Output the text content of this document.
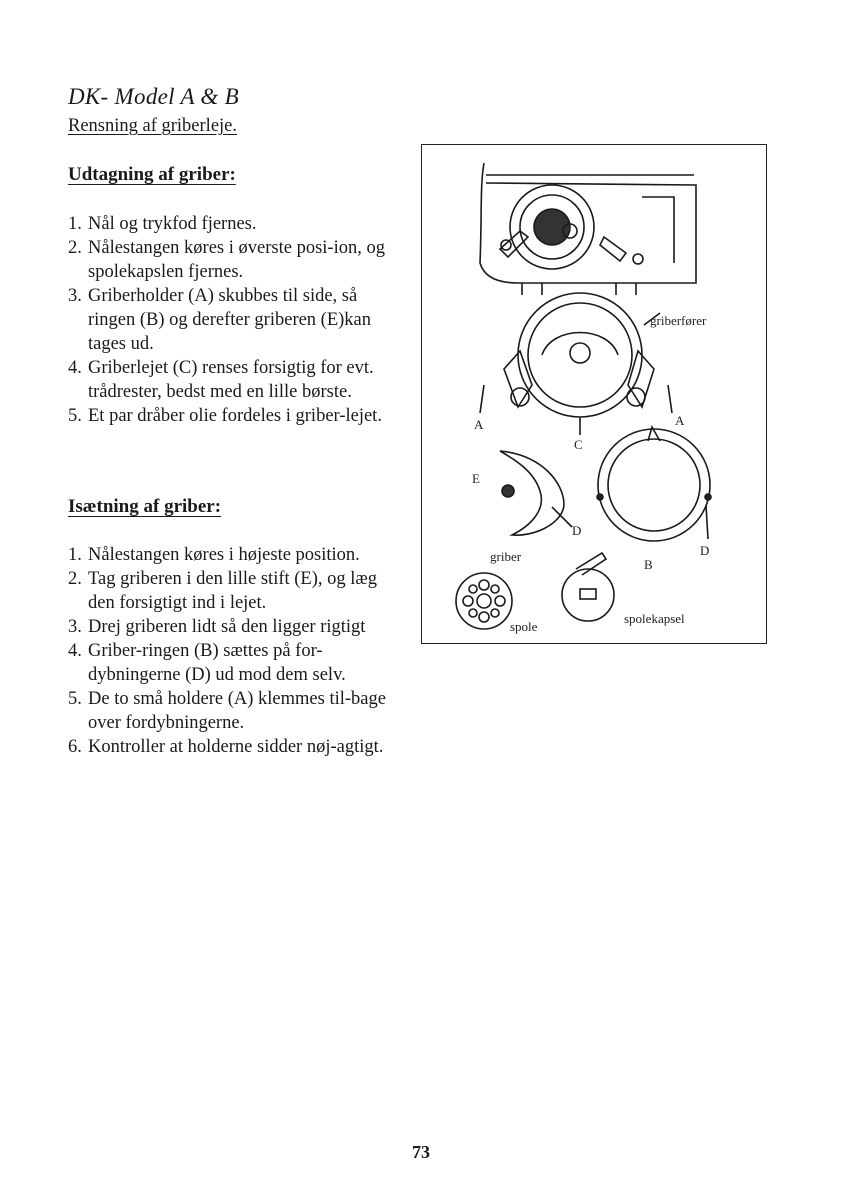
DK- Model A & B
Rensning af griberleje.
Udtagning af griber:
1. Nål og trykfod fjernes.
2. Nålestangen køres i øverste posi-ion, og spolekapslen fjernes.
3. Griberholder (A) skubbes til side, så ringen (B) og derefter griberen (E)kan tages ud.
4. Griberlejet (C) renses forsigtig for evt. trådrester, bedst med en lille børste.
5. Et par dråber olie fordeles i griber-lejet.
Isætning af griber:
1. Nålestangen køres i højeste position.
2. Tag griberen i den lille stift (E), og læg den forsigtigt ind i lejet.
3. Drej griberen lidt så den ligger rigtigt
4. Griber-ringen (B) sættes på for-dybningerne (D) ud mod dem selv.
5. De to små holdere (A) klemmes til-bage over fordybningerne.
6. Kontroller at holderne sidder nøj-agtigt.
griberfører
A	A
C
E
D
D
B
griber
spole
spolekapsel
73
